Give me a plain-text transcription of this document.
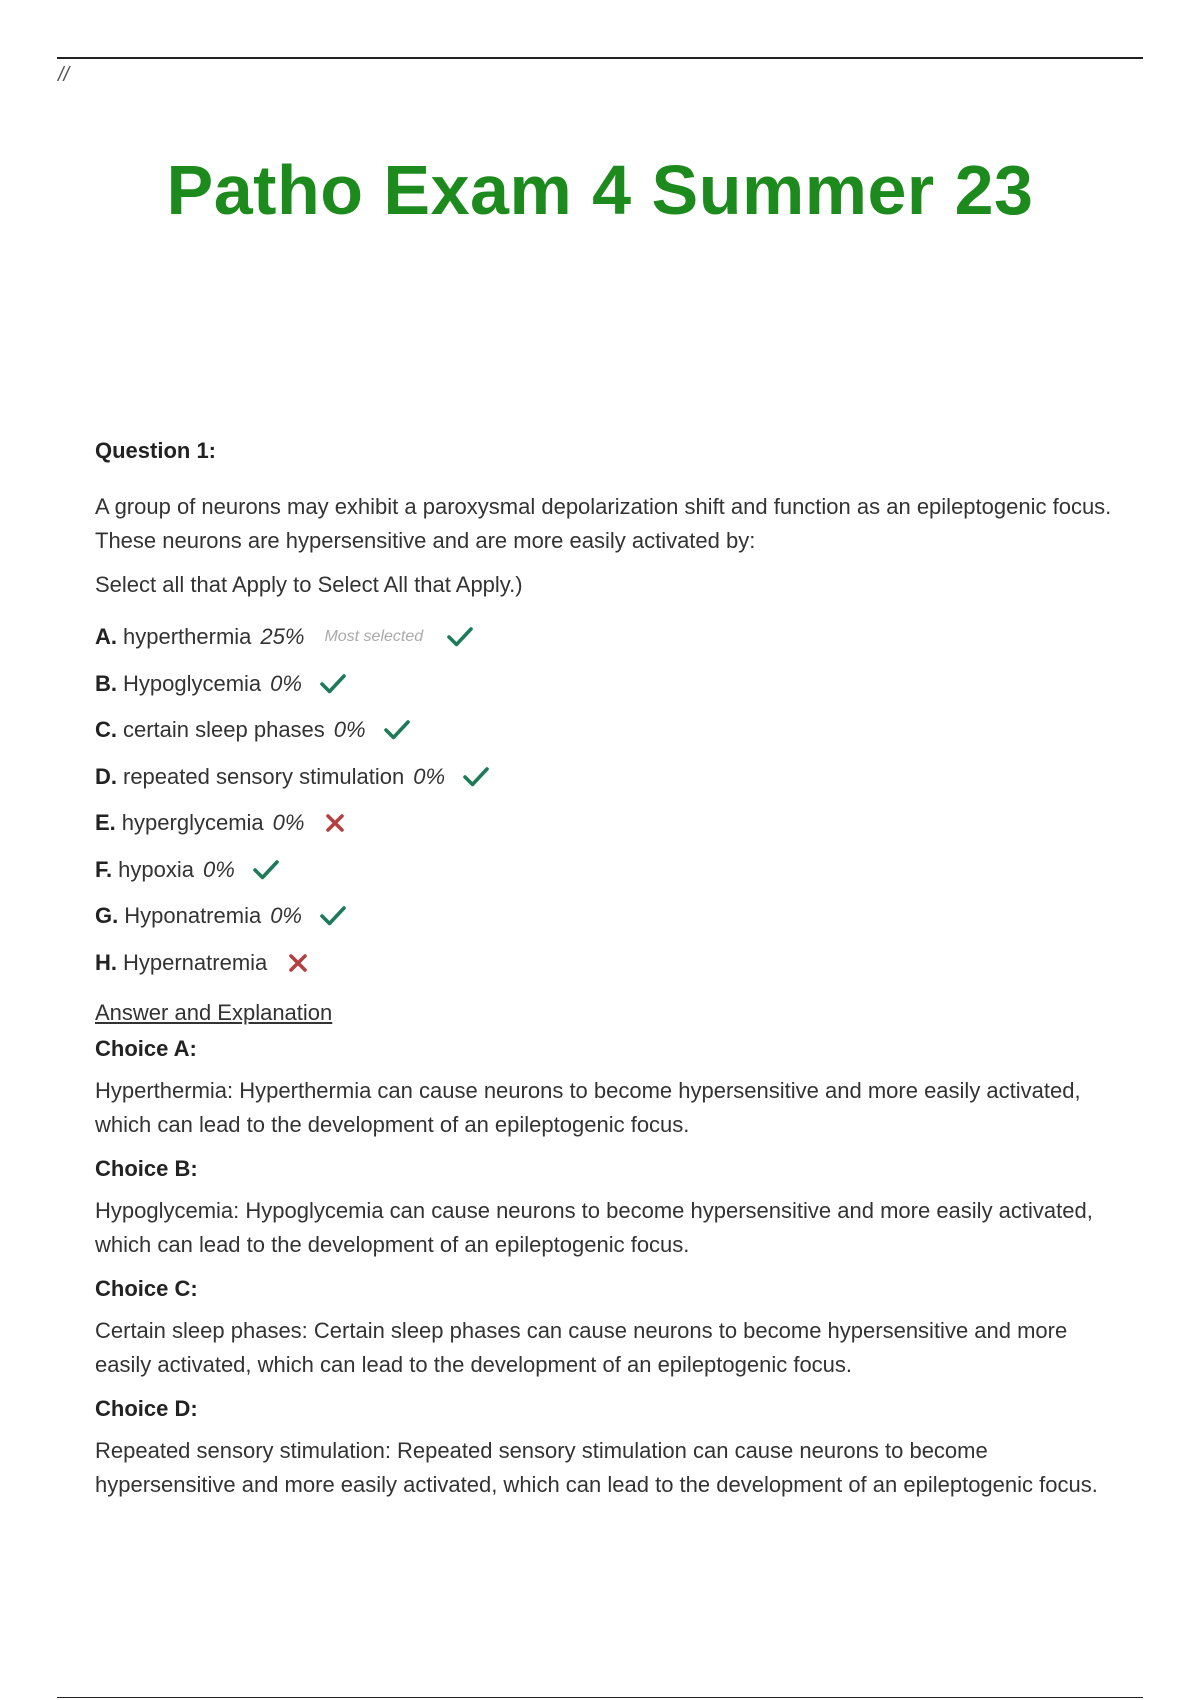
//
Patho Exam 4 Summer 23

Question 1:

A group of neurons may exhibit a paroxysmal depolarization shift and function as an epileptogenic focus. These neurons are hypersensitive and are more easily activated by:

Select all that Apply to Select All that Apply.)

A. hyperthermia 25% Most selected
B. Hypoglycemia 0%
C. certain sleep phases 0%
D. repeated sensory stimulation 0%
E. hyperglycemia 0%
F. hypoxia 0%
G. Hyponatremia 0%
H. Hypernatremia
Answer and Explanation

Choice A:

Hyperthermia: Hyperthermia can cause neurons to become hypersensitive and more easily activated, which can lead to the development of an epileptogenic focus.

Choice B:

Hypoglycemia: Hypoglycemia can cause neurons to become hypersensitive and more easily activated, which can lead to the development of an epileptogenic focus.

Choice C:

Certain sleep phases: Certain sleep phases can cause neurons to become hypersensitive and more easily activated, which can lead to the development of an epileptogenic focus.

Choice D:

Repeated sensory stimulation: Repeated sensory stimulation can cause neurons to become hypersensitive and more easily activated, which can lead to the development of an epileptogenic focus.
